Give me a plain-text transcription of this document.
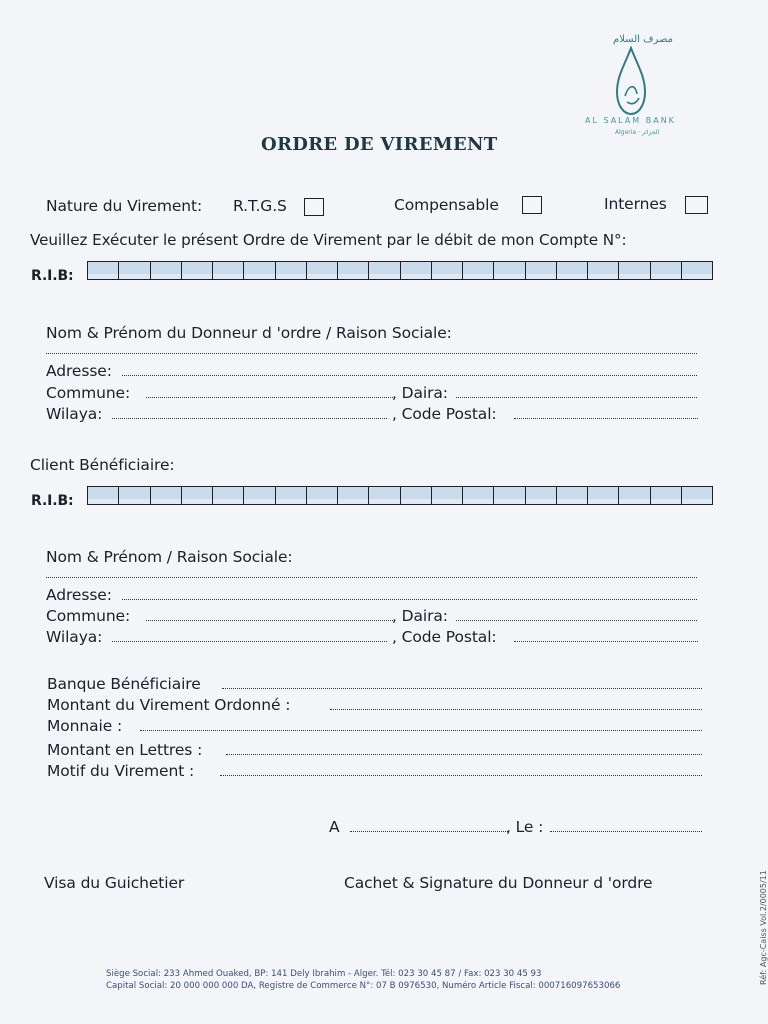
مصرف السلام
AL SALAM BANK
Algeria · الجزائر
ORDRE DE VIREMENT
Nature du Virement: R.T.G.S	Compensable	Internes
Veuillez Exécuter le présent Ordre de Virement par le débit de mon Compte N°:
R.I.B:
Nom & Prénom du Donneur d 'ordre / Raison Sociale:
Adresse:
Commune:	, Daira:
Wilaya:	, Code Postal:
Client Bénéficiaire:
R.I.B:
Nom & Prénom / Raison Sociale:
Adresse:
Commune:	, Daira:
Wilaya:	, Code Postal:
Banque Bénéficiaire
Montant du Virement Ordonné :
Monnaie :
Montant en Lettres :
Motif du Virement :
A	, Le :
Visa du Guichetier	Cachet & Signature du Donneur d 'ordre	Réf: Agc-Caiss Vol.2/0005/11
Siège Social: 233 Ahmed Ouaked, BP: 141 Dely Ibrahim - Alger. Tél: 023 30 45 87 / Fax: 023 30 45 93
Capital Social: 20 000 000 000 DA, Registre de Commerce N°: 07 B 0976530, Numéro Article Fiscal: 000716097653066
